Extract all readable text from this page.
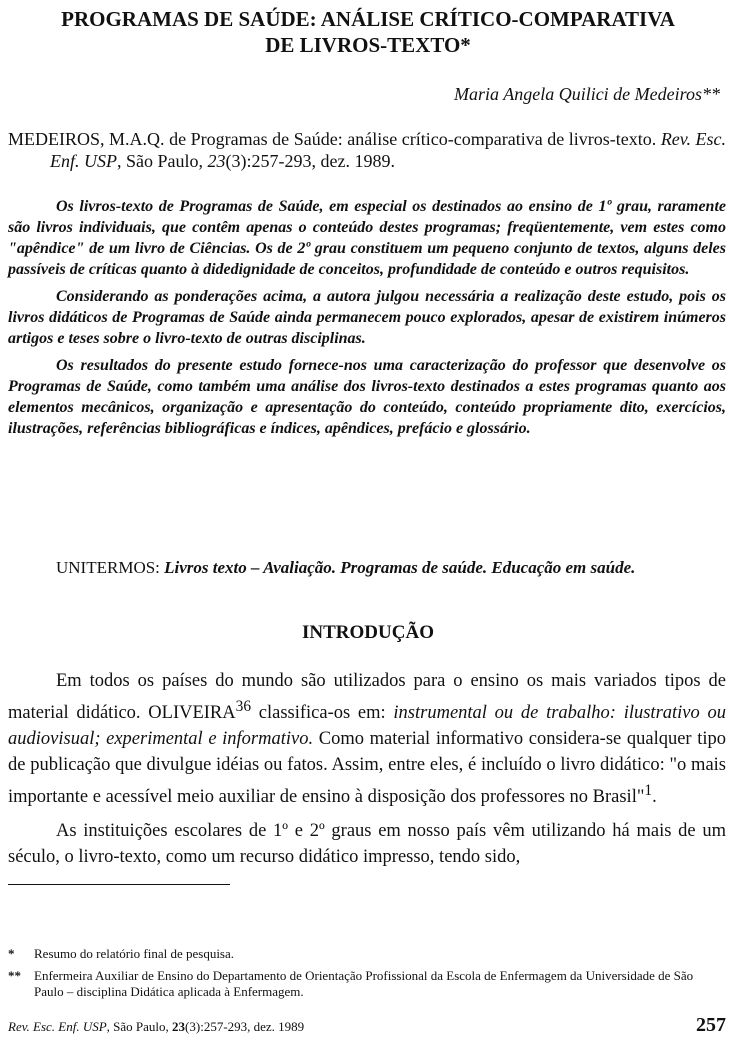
PROGRAMAS DE SAÚDE: ANÁLISE CRÍTICO-COMPARATIVA
DE LIVROS-TEXTO*
Maria Angela Quilici de Medeiros**
MEDEIROS, M.A.Q. de Programas de Saúde: análise crítico-comparativa de livros-texto. Rev. Esc. Enf. USP, São Paulo, 23(3):257-293, dez. 1989.

Os livros-texto de Programas de Saúde, em especial os destinados ao ensino de 1º grau, raramente são livros individuais, que contêm apenas o conteúdo destes programas; freqüentemente, vem estes como "apêndice" de um livro de Ciências. Os de 2º grau constituem um pequeno conjunto de textos, alguns deles passíveis de críticas quanto à didedignidade de conceitos, profundidade de conteúdo e outros requisitos.

Considerando as ponderações acima, a autora julgou necessária a realização deste estudo, pois os livros didáticos de Programas de Saúde ainda permanecem pouco explorados, apesar de existirem inúmeros artigos e teses sobre o livro-texto de outras disciplinas.

Os resultados do presente estudo fornece-nos uma caracterização do professor que desenvolve os Programas de Saúde, como também uma análise dos livros-texto destinados a estes programas quanto aos elementos mecânicos, organização e apresentação do conteúdo, conteúdo propriamente dito, exercícios, ilustrações, referências bibliográficas e índices, apêndices, prefácio e glossário.

UNITERMOS: Livros texto – Avaliação. Programas de saúde. Educação em saúde.
INTRODUÇÃO

Em todos os países do mundo são utilizados para o ensino os mais variados tipos de material didático. OLIVEIRA$^{36}$ classifica-os em: instrumental ou de trabalho: ilustrativo ou audiovisual; experimental e informativo. Como material informativo considera-se qualquer tipo de publicação que divulgue idéias ou fatos. Assim, entre eles, é incluído o livro didático: "o mais importante e acessível meio auxiliar de ensino à disposição dos professores no Brasil"$^1$.

As instituições escolares de 1º e 2º graus em nosso país vêm utilizando há mais de um século, o livro-texto, como um recurso didático impresso, tendo sido,

*	Resumo do relatório final de pesquisa.
**	Enfermeira Auxiliar de Ensino do Departamento de Orientação Profissional da Escola de Enfermagem da Universidade de São Paulo – disciplina Didática aplicada à Enfermagem.
Rev. Esc. Enf. USP, São Paulo, 23(3):257-293, dez. 1989	257
